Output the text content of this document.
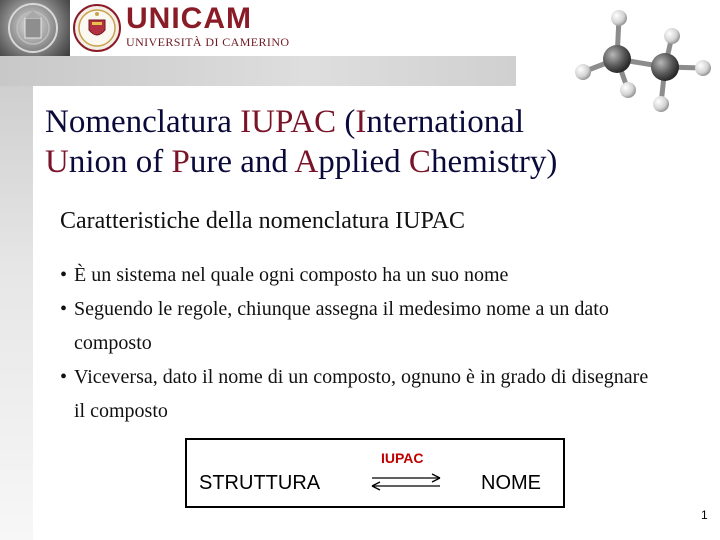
UNICAM
UNIVERSITÀ DI CAMERINO
Nomenclatura IUPAC (International Union of Pure and Applied Chemistry)
Caratteristiche della nomenclatura IUPAC
• È un sistema nel quale ogni composto ha un suo nome
• Seguendo le regole, chiunque assegna il medesimo nome a un dato composto
• Viceversa, dato il nome di un composto, ognuno è in grado di disegnare il composto
IUPAC
STRUTTURA	NOME
1
